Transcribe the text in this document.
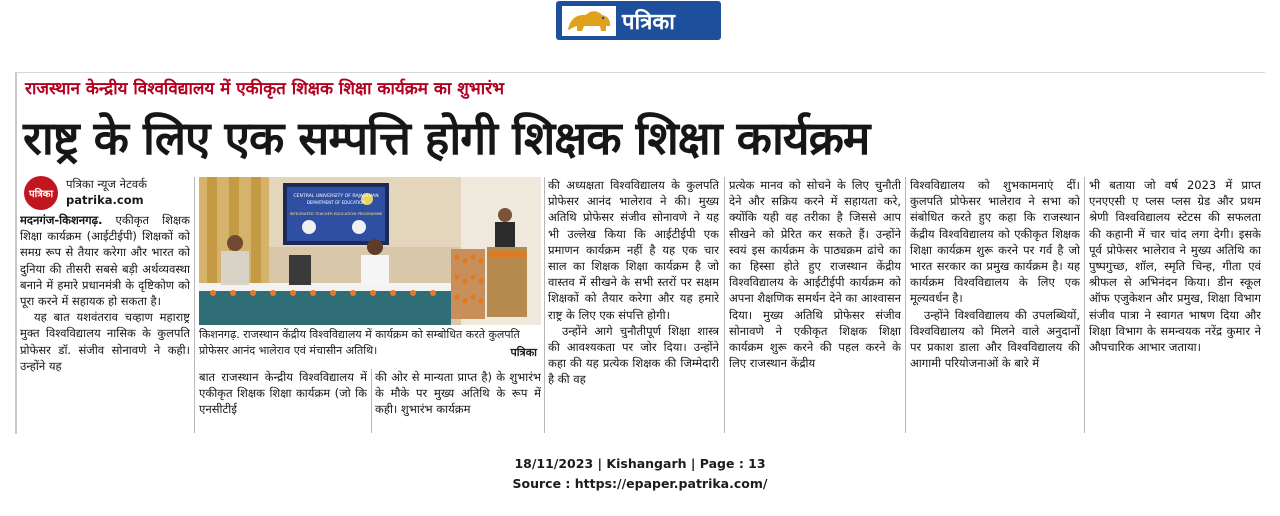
पत्रिका
राजस्थान केन्द्रीय विश्वविद्यालय में एकीकृत शिक्षक शिक्षा कार्यक्रम का शुभारंभ
राष्ट्र के लिए एक सम्पत्ति होगी शिक्षक शिक्षा कार्यक्रम
पत्रिका
पत्रिका न्यूज नेटवर्क
patrika.com

मदनगंज-किशनगढ़. एकीकृत शिक्षक शिक्षा कार्यक्रम (आईटीईपी) शिक्षकों को समग्र रूप से तैयार करेगा और भारत को दुनिया की तीसरी सबसे बड़ी अर्थव्यवस्था बनाने में हमारे प्रधानमंत्री के दृष्टिकोण को पूरा करने में सहायक हो सकता है।

यह बात यशवंतराव चव्हाण महाराष्ट्र मुक्त विश्वविद्यालय नासिक के कुलपति प्रोफेसर डॉ. संजीव सोनावणे ने कही। उन्होंने यह

CENTRAL UNIVERSITY OF RAJASTHAN
DEPARTMENT OF EDUCATION
INTEGRATED TEACHER EDUCATION PROGRAMME
किशनगढ़. राजस्थान केंद्रीय विश्वविद्यालय में कार्यक्रम को सम्बोधित करते कुलपति प्रोफेसर आनंद भालेराव एवं मंचासीन अतिथि।	पत्रिका
बात राजस्थान केन्द्रीय विश्वविद्यालय में एकीकृत शिक्षक शिक्षा कार्यक्रम (जो कि एनसीटीई
की ओर से मान्यता प्राप्त है) के शुभारंभ के मौके पर मुख्य अतिथि के रूप में कही। शुभारंभ कार्यक्रम

की अध्यक्षता विश्वविद्यालय के कुलपति प्रोफेसर आनंद भालेराव ने की। मुख्य अतिथि प्रोफेसर संजीव सोनावणे ने यह भी उल्लेख किया कि आईटीईपी एक प्रमाणन कार्यक्रम नहीं है यह एक चार साल का शिक्षक शिक्षा कार्यक्रम है जो वास्तव में सीखने के सभी स्तरों पर सक्षम शिक्षकों को तैयार करेगा और यह हमारे राष्ट्र के लिए एक संपत्ति होगी।

उन्होंने आगे चुनौतीपूर्ण शिक्षा शास्त्र की आवश्यकता पर जोर दिया। उन्होंने कहा की यह प्रत्येक शिक्षक की जिम्मेदारी है की वह

प्रत्येक मानव को सोचने के लिए चुनौती देने और सक्रिय करने में सहायता करे, क्योंकि यही वह तरीका है जिससे आप सीखने को प्रेरित कर सकते हैं। उन्होंने स्वयं इस कार्यक्रम के पाठ्यक्रम ढांचे का का हिस्सा होते हुए राजस्थान केंद्रीय विश्वविद्यालय के आईटीईपी कार्यक्रम को अपना शैक्षणिक समर्थन देने का आश्वासन दिया। मुख्य अतिथि प्रोफेसर संजीव सोनावणे ने एकीकृत शिक्षक शिक्षा कार्यक्रम शुरू करने की पहल करने के लिए राजस्थान केंद्रीय

विश्वविद्यालय को शुभकामनाएं दीं। कुलपति प्रोफेसर भालेराव ने सभा को संबोधित करते हुए कहा कि राजस्थान केंद्रीय विश्वविद्यालय को एकीकृत शिक्षक शिक्षा कार्यक्रम शुरू करने पर गर्व है जो भारत सरकार का प्रमुख कार्यक्रम है। यह कार्यक्रम विश्वविद्यालय के लिए एक मूल्यवर्धन है।

उन्होंने विश्वविद्यालय की उपलब्धियों, विश्वविद्यालय को मिलने वाले अनुदानों पर प्रकाश डाला और विश्वविद्यालय की आगामी परियोजनाओं के बारे में

भी बताया जो वर्ष 2023 में प्राप्त एनएएसी ए प्लस प्लस ग्रेड और प्रथम श्रेणी विश्वविद्यालय स्टेटस की सफलता की कहानी में चार चांद लगा देगी। इसके पूर्व प्रोफेसर भालेराव ने मुख्य अतिथि का पुष्पगुच्छ, शॉल, स्मृति चिन्ह, गीता एवं श्रीफल से अभिनंदन किया। डीन स्कूल ऑफ एजुकेशन और प्रमुख, शिक्षा विभाग संजीव पात्रा ने स्वागत भाषण दिया और शिक्षा विभाग के समन्वयक नरेंद्र कुमार ने औपचारिक आभार जताया।
18/11/2023 | Kishangarh | Page : 13
Source : https://epaper.patrika.com/
